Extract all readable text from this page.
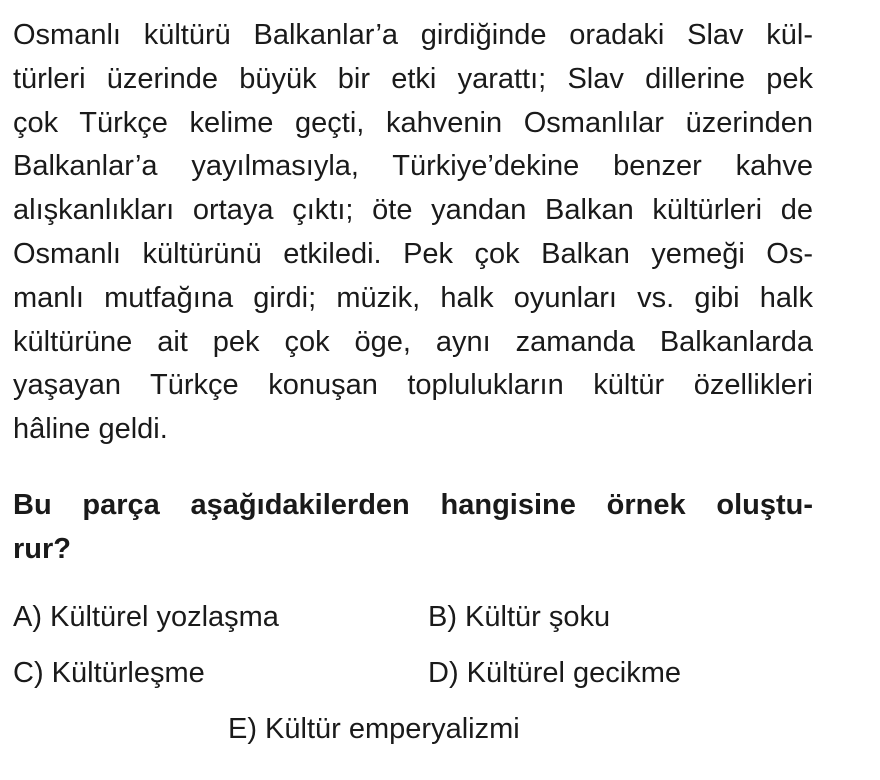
Osmanlı kültürü Balkanlar’a girdiğinde oradaki Slav kül-
türleri üzerinde büyük bir etki yarattı; Slav dillerine pek
çok Türkçe kelime geçti, kahvenin Osmanlılar üzerinden
Balkanlar’a yayılmasıyla, Türkiye’dekine benzer kahve
alışkanlıkları ortaya çıktı; öte yandan Balkan kültürleri de
Osmanlı kültürünü etkiledi. Pek çok Balkan yemeği Os-
manlı mutfağına girdi; müzik, halk oyunları vs. gibi halk
kültürüne ait pek çok öge, aynı zamanda Balkanlarda
yaşayan Türkçe konuşan toplulukların kültür özellikleri
hâline geldi.
Bu parça aşağıdakilerden hangisine örnek oluştu-
rur?
A) Kültürel yozlaşma	B) Kültür şoku
C) Kültürleşme	D) Kültürel gecikme
E) Kültür emperyalizmi
